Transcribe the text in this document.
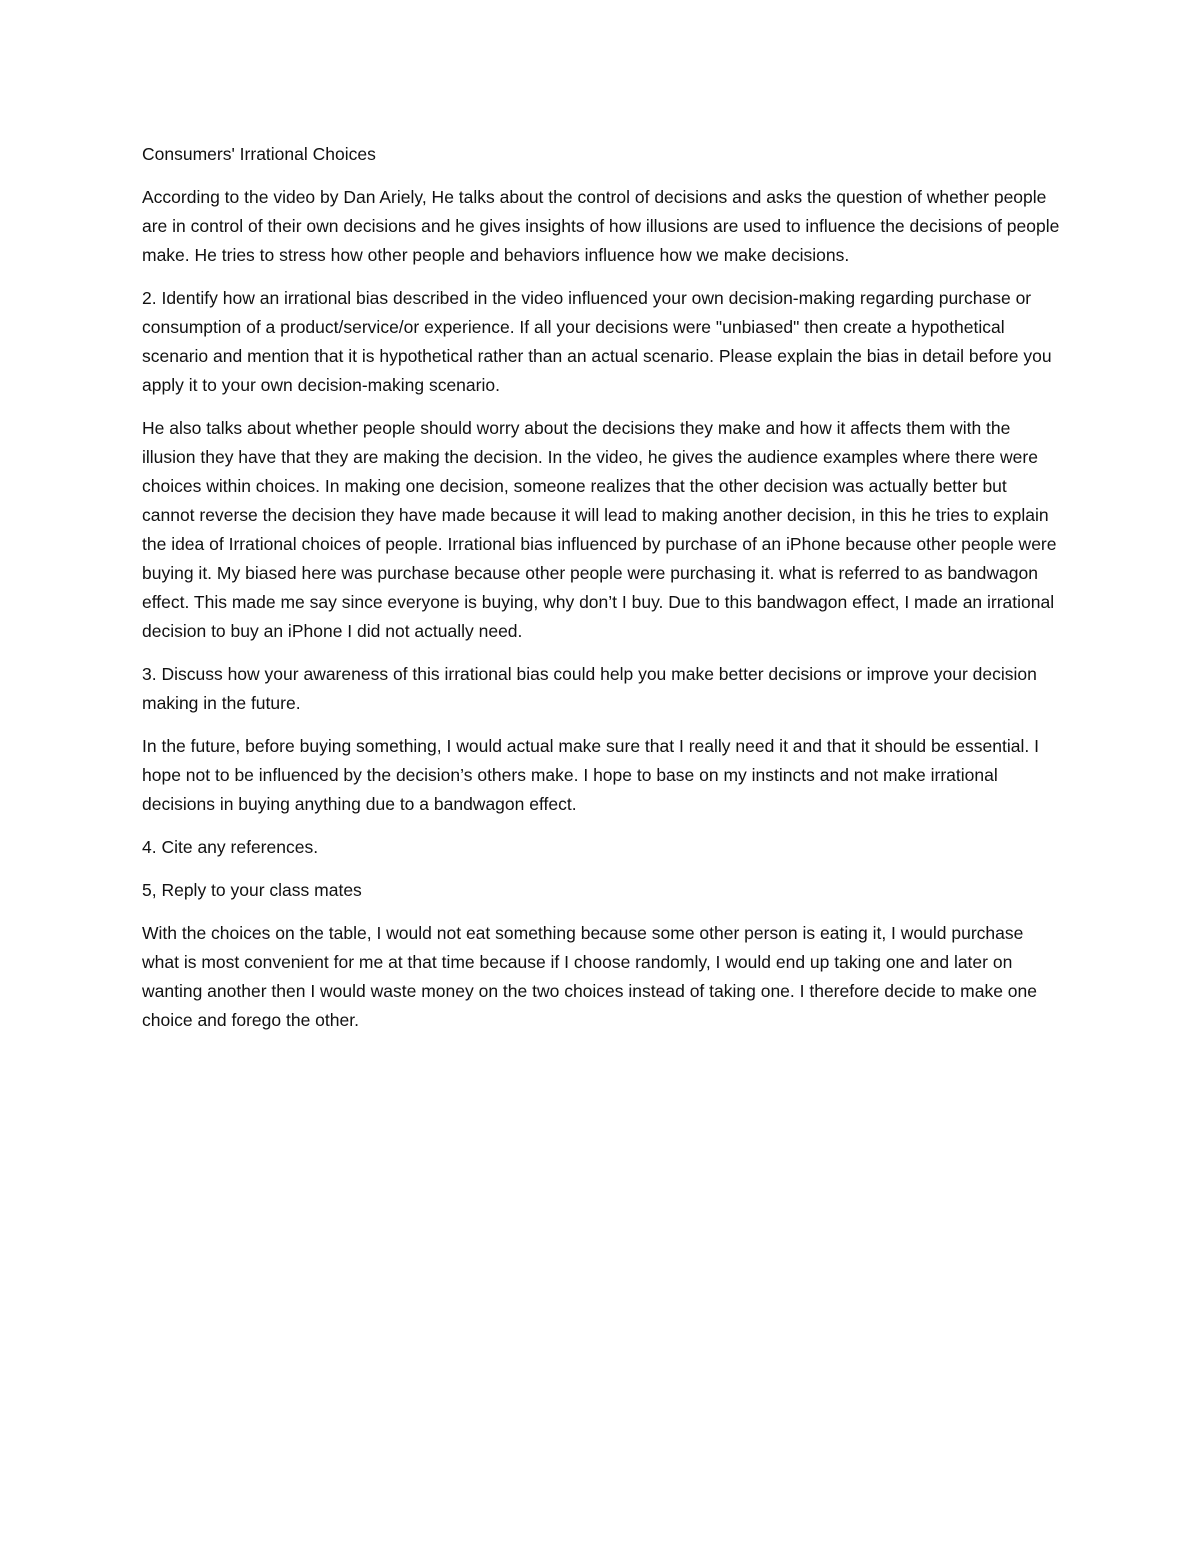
Consumers' Irrational Choices

According to the video by Dan Ariely, He talks about the control of decisions and asks the question of whether people are in control of their own decisions and he gives insights of how illusions are used to influence the decisions of people make. He tries to stress how other people and behaviors influence how we make decisions.

2. Identify how an irrational bias described in the video influenced your own decision-making regarding purchase or consumption of a product/service/or experience. If all your decisions were "unbiased" then create a hypothetical scenario and mention that it is hypothetical rather than an actual scenario. Please explain the bias in detail before you apply it to your own decision-making scenario.

He also talks about whether people should worry about the decisions they make and how it affects them with the illusion they have that they are making the decision. In the video, he gives the audience examples where there were choices within choices. In making one decision, someone realizes that the other decision was actually better but cannot reverse the decision they have made because it will lead to making another decision, in this he tries to explain the idea of Irrational choices of people. Irrational bias influenced by purchase of an iPhone because other people were buying it. My biased here was purchase because other people were purchasing it. what is referred to as bandwagon effect. This made me say since everyone is buying, why don’t I buy. Due to this bandwagon effect, I made an irrational decision to buy an iPhone I did not actually need.

3. Discuss how your awareness of this irrational bias could help you make better decisions or improve your decision making in the future.

In the future, before buying something, I would actual make sure that I really need it and that it should be essential. I hope not to be influenced by the decision’s others make. I hope to base on my instincts and not make irrational decisions in buying anything due to a bandwagon effect.

4. Cite any references.

5, Reply to your class mates

With the choices on the table, I would not eat something because some other person is eating it, I would purchase what is most convenient for me at that time because if I choose randomly, I would end up taking one and later on wanting another then I would waste money on the two choices instead of taking one. I therefore decide to make one choice and forego the other.
